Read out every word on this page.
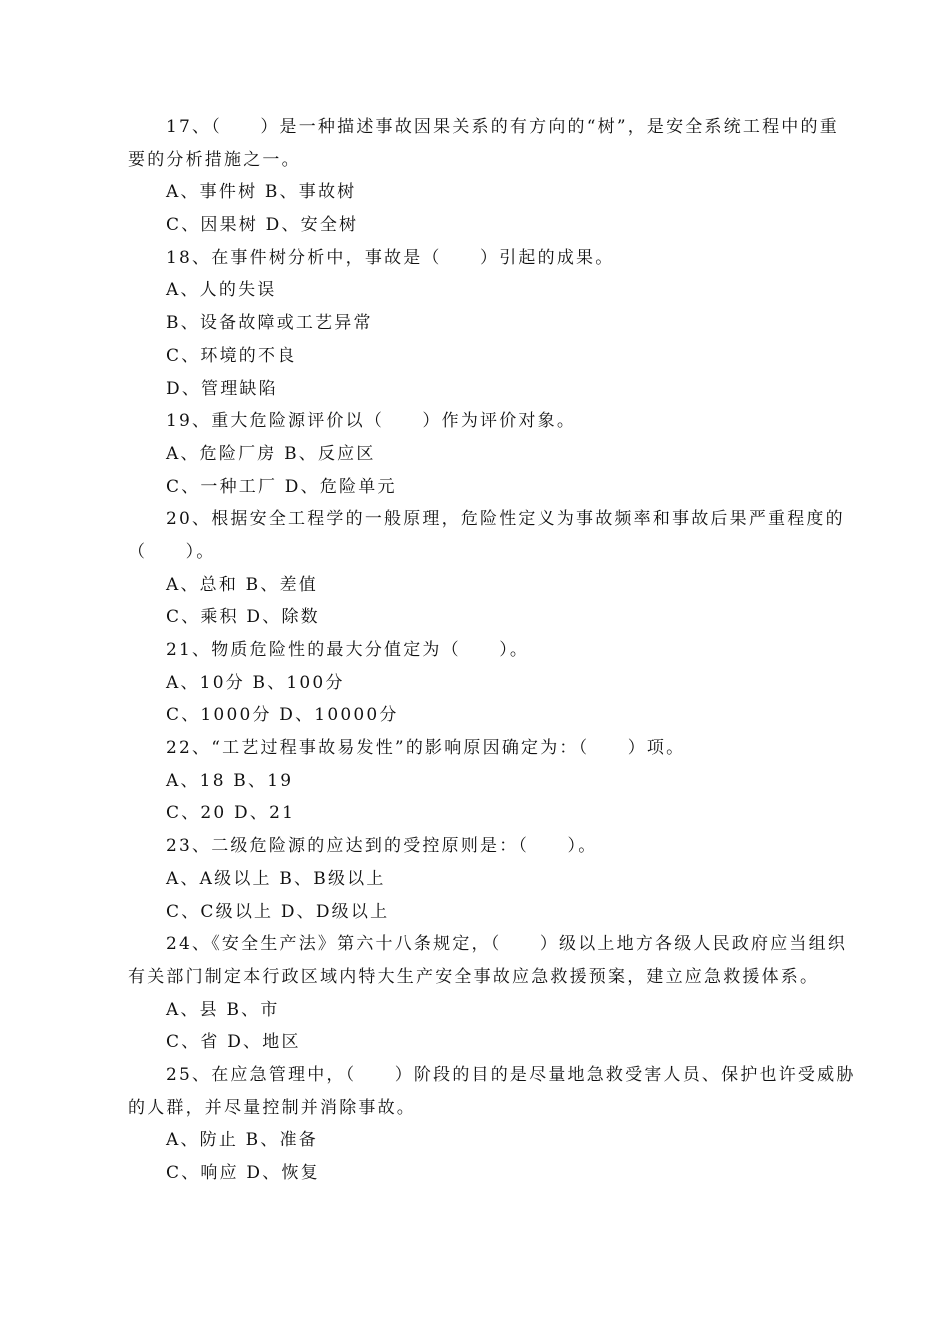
17、（　　）是一种描述事故因果关系的有方向的“树”，是安全系统工程中的重
要的分析措施之一。
A、事件树 B、事故树
C、因果树 D、安全树
18、在事件树分析中，事故是（　　）引起的成果。
A、人的失误
B、设备故障或工艺异常
C、环境的不良
D、管理缺陷
19、重大危险源评价以（　　）作为评价对象。
A、危险厂房 B、反应区
C、一种工厂 D、危险单元
20、根据安全工程学的一般原理，危险性定义为事故频率和事故后果严重程度的
（　　）。
A、总和 B、差值
C、乘积 D、除数
21、物质危险性的最大分值定为（　　）。
A、10分 B、100分
C、1000分 D、10000分
22、“工艺过程事故易发性”的影响原因确定为：（　　）项。
A、18 B、19
C、20 D、21
23、二级危险源的应达到的受控原则是：（　　）。
A、A级以上 B、B级以上
C、C级以上 D、D级以上
24、《安全生产法》第六十八条规定，（　　）级以上地方各级人民政府应当组织
有关部门制定本行政区域内特大生产安全事故应急救援预案，建立应急救援体系。
A、县 B、市
C、省 D、地区
25、在应急管理中，（　　）阶段的目的是尽量地急救受害人员、保护也许受威胁
的人群，并尽量控制并消除事故。
A、防止 B、准备
C、响应 D、恢复
